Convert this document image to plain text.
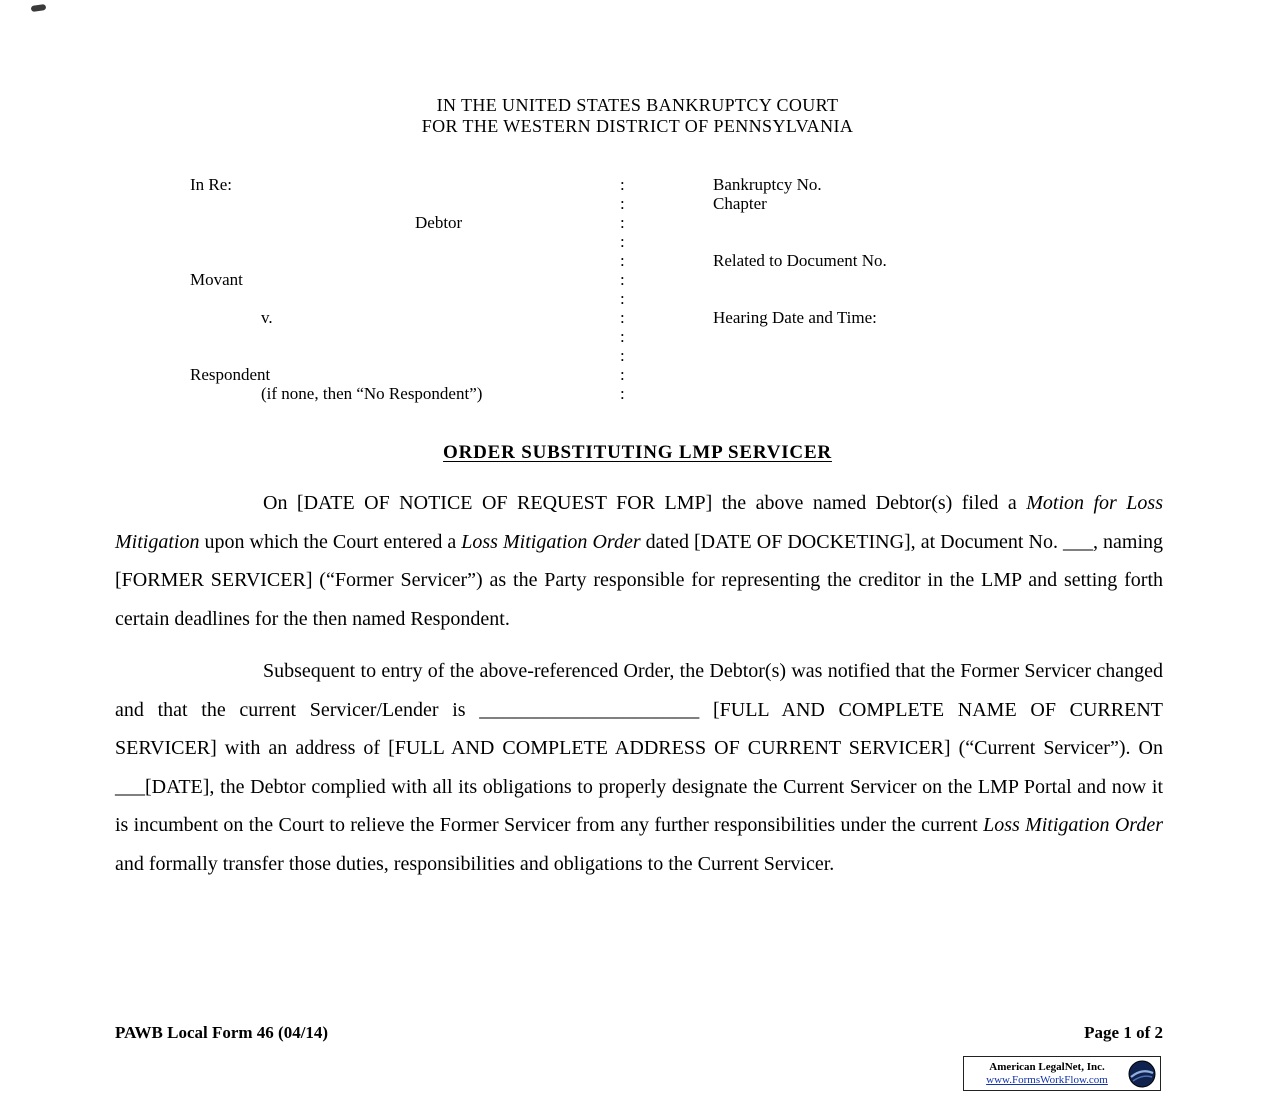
IN THE UNITED STATES BANKRUPTCY COURT
FOR THE WESTERN DISTRICT OF PENNSYLVANIA
In Re:	:	Bankruptcy No.

:	Chapter
Debtor	:

:

:	Related to Document No.
Movant	:

:

v.	:	Hearing Date and Time:

:

:

Respondent	:

(if none, then “No Respondent”)	:

ORDER SUBSTITUTING LMP SERVICER

On [DATE OF NOTICE OF REQUEST FOR LMP] the above named Debtor(s) filed a Motion for Loss Mitigation upon which the Court entered a Loss Mitigation Order dated [DATE OF DOCKETING], at Document No. ___, naming [FORMER SERVICER] (“Former Servicer”) as the Party responsible for representing the creditor in the LMP and setting forth certain deadlines for the then named Respondent.

Subsequent to entry of the above-referenced Order, the Debtor(s) was notified that the Former Servicer changed and that the current Servicer/Lender is ______________________ [FULL AND COMPLETE NAME OF CURRENT SERVICER] with an address of [FULL AND COMPLETE ADDRESS OF CURRENT SERVICER] (“Current Servicer”). On ___[DATE], the Debtor complied with all its obligations to properly designate the Current Servicer on the LMP Portal and now it is incumbent on the Court to relieve the Former Servicer from any further responsibilities under the current Loss Mitigation Order and formally transfer those duties, responsibilities and obligations to the Current Servicer.

PAWB Local Form 46 (04/14)	Page 1 of 2
American LegalNet, Inc.
www.FormsWorkFlow.com
